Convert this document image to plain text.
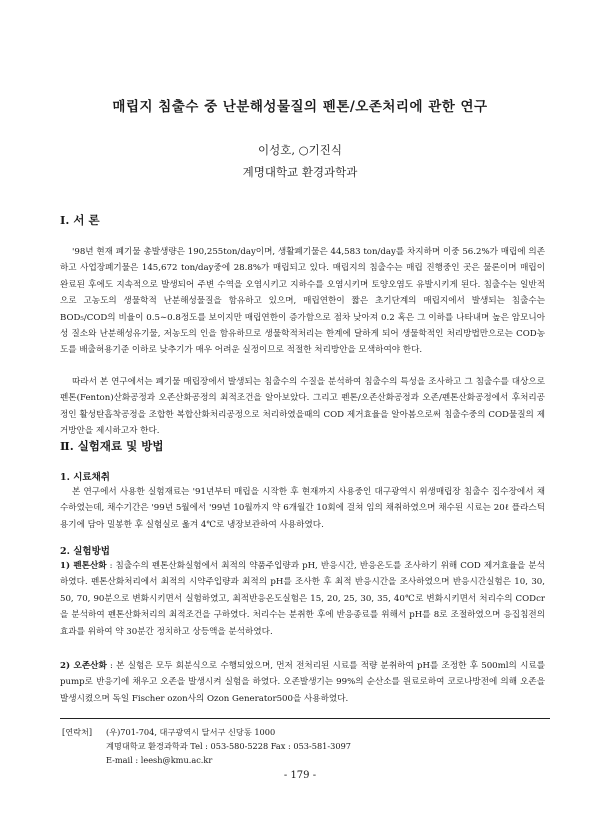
매립지 침출수 중 난분해성물질의 펜톤/오존처리에 관한 연구
이성호, ○기진식
계명대학교 환경과학과
Ⅰ. 서 론

'98년 현재 폐기물 총발생량은 190,255ton/day이며, 생활폐기물은 44,583 ton/day를 차지하며 이중 56.2%가 매립에 의존하고 사업장폐기물은 145,672 ton/day중에 28.8%가 매립되고 있다. 매립지의 침출수는 매립 진행중인 곳은 물론이며 매립이 완료된 후에도 지속적으로 발생되어 주변 수역을 오염시키고 지하수를 오염시키며 토양오염도 유발시키게 된다. 침출수는 일반적으로 고농도의 생물학적 난분해성물질을 함유하고 있으며, 매립연한이 짧은 초기단계의 매립지에서 발생되는 침출수는 BOD₅/COD의 비율이 0.5∼0.8정도를 보이지만 매립연한이 증가함으로 점차 낮아져 0.2 혹은 그 이하를 나타내며 높은 암모니아성 질소와 난분해성유기물, 저농도의 인을 함유하므로 생물학적처리는 한계에 달하게 되어 생물학적인 처리방법만으로는 COD농도를 배출허용기준 이하로 낮추기가 매우 어려운 실정이므로 적절한 처리방안을 모색하여야 한다.

따라서 본 연구에서는 폐기물 매립장에서 발생되는 침출수의 수질을 분석하여 침출수의 특성을 조사하고 그 침출수를 대상으로 펜톤(Fenton)산화공정과 오존산화공정의 최적조건을 알아보았다. 그리고 펜톤/오존산화공정과 오존/펜톤산화공정에서 후처리공정인 활성탄흡착공정을 조합한 복합산화처리공정으로 처리하였을때의 COD 제거효율을 알아봄으로써 침출수중의 COD물질의 제거방안을 제시하고자 한다.

Ⅱ. 실험재료 및 방법
1. 시료채취

본 연구에서 사용한 실험재료는 '91년부터 매립을 시작한 후 현재까지 사용중인 대구광역시 위생매립장 침출수 집수장에서 채수하였는데, 채수기간은 '99년 5월에서 '99년 10월까지 약 6개월간 10회에 걸쳐 임의 채취하였으며 채수된 시료는 20ℓ 플라스틱용기에 담아 밀봉한 후 실험실로 옮겨 4℃로 냉장보관하여 사용하였다.

2. 실험방법

1) 펜톤산화 : 침출수의 펜톤산화실험에서 최적의 약품주입량과 pH, 반응시간, 반응온도를 조사하기 위해 COD 제거효율을 분석하였다. 펜톤산화처리에서 최적의 시약주입량과 최적의 pH를 조사한 후 최적 반응시간을 조사하였으며 반응시간실험은 10, 30, 50, 70, 90분으로 변화시키면서 실험하였고, 최적반응온도실험은 15, 20, 25, 30, 35, 40℃로 변화시키면서 처리수의 CODcr을 분석하여 펜톤산화처리의 최적조건을 구하였다. 처리수는 분취한 후에 반응종료를 위해서 pH를 8로 조절하였으며 응집침전의 효과를 위하여 약 30분간 정치하고 상등액을 분석하였다.

2) 오존산화 : 본 실험은 모두 회분식으로 수행되었으며, 먼저 전처리된 시료를 적량 분취하여 pH를 조정한 후 500ml의 시료를 pump로 반응기에 채우고 오존을 발생시켜 실험을 하였다. 오존발생기는 99%의 순산소를 원료로하여 코로나방전에 의해 오존을 발생시켰으며 독일 Fischer ozon사의 Ozon Generator500을 사용하였다.

[연락처] (우)701-704, 대구광역시 달서구 신당동 1000
계명대학교 환경과학과 Tel : 053-580-5228 Fax : 053-581-3097
E-mail : leesh@kmu.ac.kr
- 179 -
